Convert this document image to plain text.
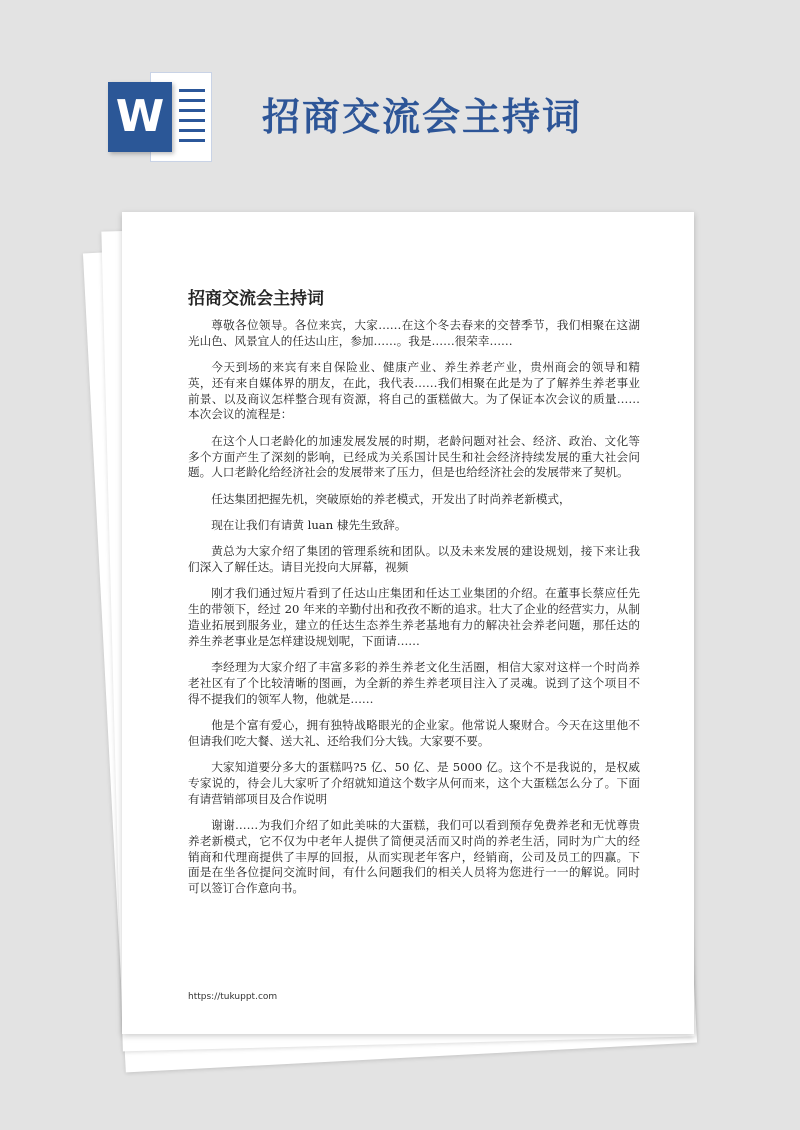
W	招商交流会主持词
招商交流会主持词

尊敬各位领导。各位来宾，大家……在这个冬去春来的交替季节，我们相聚在这湖光山色、风景宜人的任达山庄，参加……。我是……很荣幸……

今天到场的来宾有来自保险业、健康产业、养生养老产业，贵州商会的领导和精英，还有来自媒体界的朋友，在此，我代表……我们相聚在此是为了了解养生养老事业前景、以及商议怎样整合现有资源，将自己的蛋糕做大。为了保证本次会议的质量……本次会议的流程是：

在这个人口老龄化的加速发展发展的时期，老龄问题对社会、经济、政治、文化等多个方面产生了深刻的影响，已经成为关系国计民生和社会经济持续发展的重大社会问题。人口老龄化给经济社会的发展带来了压力，但是也给经济社会的发展带来了契机。

任达集团把握先机，突破原始的养老模式，开发出了时尚养老新模式，

现在让我们有请黄 luan 棣先生致辞。

黄总为大家介绍了集团的管理系统和团队。以及未来发展的建设规划，接下来让我们深入了解任达。请目光投向大屏幕，视频

刚才我们通过短片看到了任达山庄集团和任达工业集团的介绍。在董事长蔡应任先生的带领下，经过 20 年来的辛勤付出和孜孜不断的追求。壮大了企业的经营实力，从制造业拓展到服务业，建立的任达生态养生养老基地有力的解决社会养老问题，那任达的养生养老事业是怎样建设规划呢，下面请……

李经理为大家介绍了丰富多彩的养生养老文化生活圈，相信大家对这样一个时尚养老社区有了个比较清晰的图画，为全新的养生养老项目注入了灵魂。说到了这个项目不得不提我们的领军人物，他就是……

他是个富有爱心，拥有独特战略眼光的企业家。他常说人聚财合。今天在这里他不但请我们吃大餐、送大礼、还给我们分大钱。大家要不要。

大家知道要分多大的蛋糕吗?5 亿、50 亿、是 5000 亿。这个不是我说的，是权威专家说的，待会儿大家听了介绍就知道这个数字从何而来，这个大蛋糕怎么分了。下面有请营销部项目及合作说明

谢谢……为我们介绍了如此美味的大蛋糕，我们可以看到预存免费养老和无忧尊贵养老新模式，它不仅为中老年人提供了简便灵活而又时尚的养老生活，同时为广大的经销商和代理商提供了丰厚的回报，从而实现老年客户，经销商，公司及员工的四赢。下面是在坐各位提问交流时间，有什么问题我们的相关人员将为您进行一一的解说。同时可以签订合作意向书。

https://tukuppt.com
